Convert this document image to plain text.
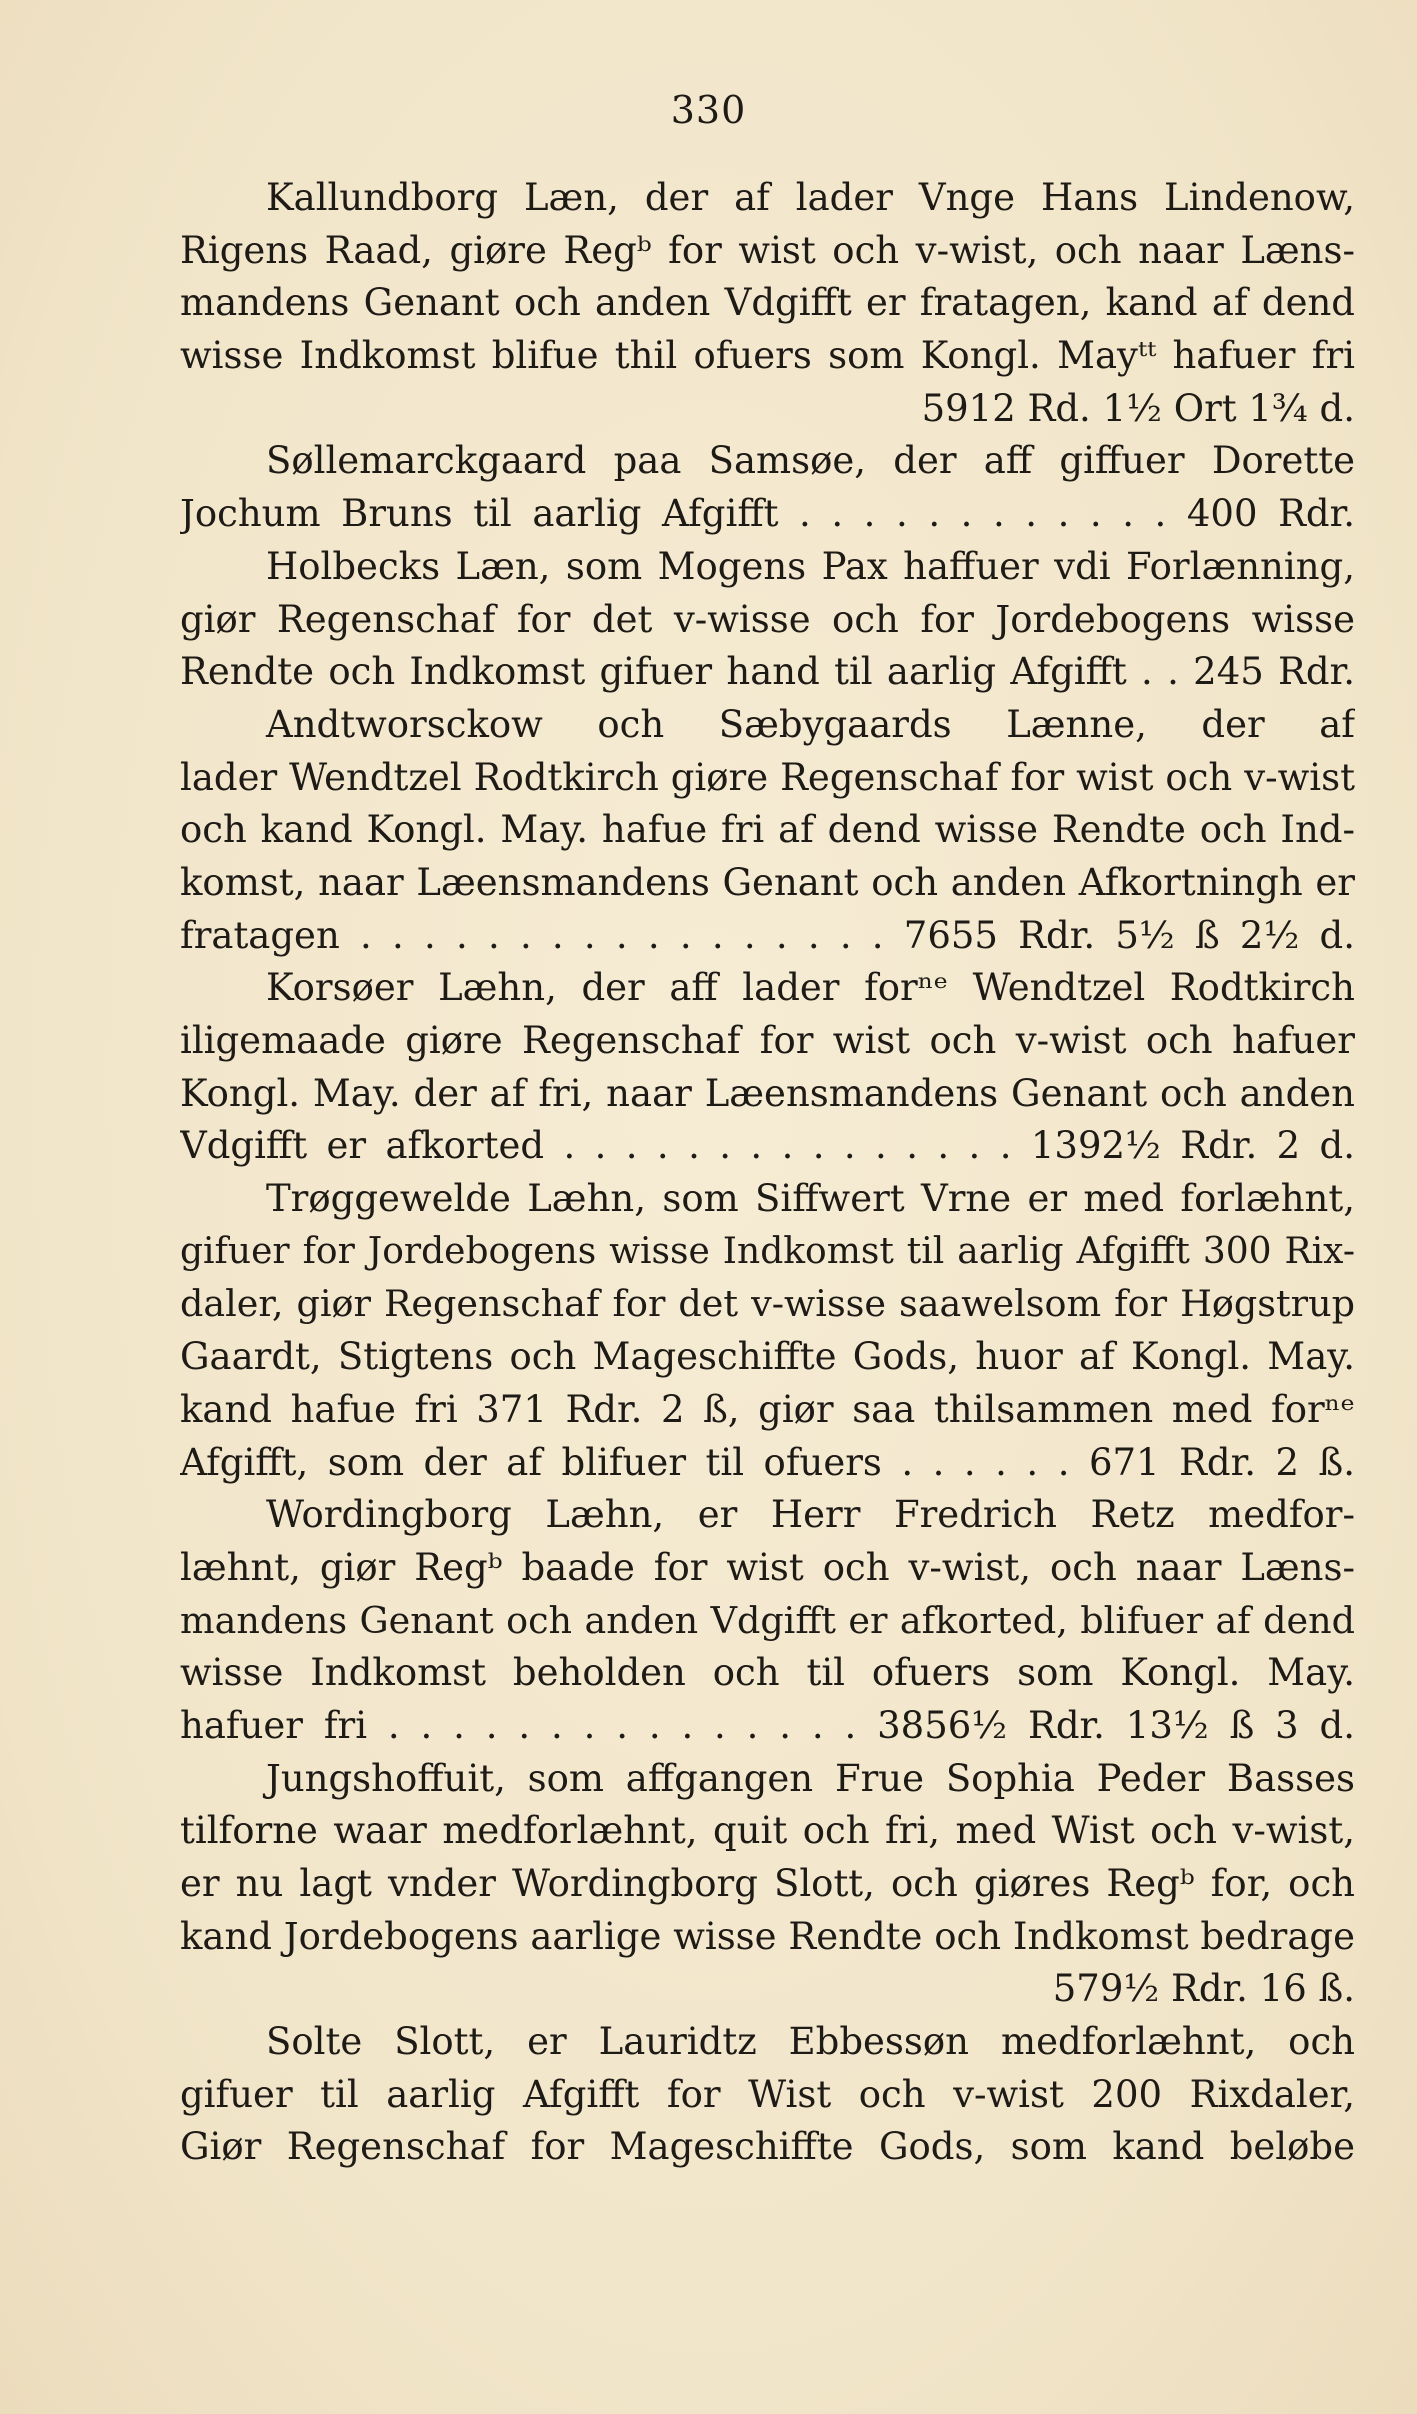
330
Kallundborg Læn, der af lader Vnge Hans Lindenow,
Rigens Raad, giøre Regᵇ for wist och v-wist, och naar Læns-
mandens Genant och anden Vdgifft er fratagen, kand af dend
wisse Indkomst blifue thil ofuers som Kongl. Mayᵗᵗ hafuer fri
5912 Rd. 1½ Ort 1¾ d.
Søllemarckgaard paa Samsøe, der aff giffuer Dorette
Jochum Bruns til aarlig Afgifft . . . . . . . . . . . . 400 Rdr.
Holbecks Læn, som Mogens Pax haffuer vdi Forlænning,
giør Regenschaf for det v-wisse och for Jordebogens wisse
Rendte och Indkomst gifuer hand til aarlig Afgifft . . 245 Rdr.
Andtworsckow och Sæbygaards Lænne, der af
lader Wendtzel Rodtkirch giøre Regenschaf for wist och v-wist
och kand Kongl. May. hafue fri af dend wisse Rendte och Ind-
komst, naar Læensmandens Genant och anden Afkortningh er
fratagen . . . . . . . . . . . . . . . . . 7655 Rdr. 5½ ß 2½ d.
Korsøer Læhn, der aff lader forⁿᵉ Wendtzel Rodtkirch
iligemaade giøre Regenschaf for wist och v-wist och hafuer
Kongl. May. der af fri, naar Læensmandens Genant och anden
Vdgifft er afkorted . . . . . . . . . . . . . . . 1392½ Rdr. 2 d.
Trøggewelde Læhn, som Siffwert Vrne er med forlæhnt,
gifuer for Jordebogens wisse Indkomst til aarlig Afgifft 300 Rix-
daler, giør Regenschaf for det v-wisse saawelsom for Høgstrup
Gaardt, Stigtens och Mageschiffte Gods, huor af Kongl. May.
kand hafue fri 371 Rdr. 2 ß, giør saa thilsammen med forⁿᵉ
Afgifft, som der af blifuer til ofuers . . . . . . 671 Rdr. 2 ß.
Wordingborg Læhn, er Herr Fredrich Retz medfor-
læhnt, giør Regᵇ baade for wist och v-wist, och naar Læns-
mandens Genant och anden Vdgifft er afkorted, blifuer af dend
wisse Indkomst beholden och til ofuers som Kongl. May.
hafuer fri . . . . . . . . . . . . . . . 3856½ Rdr. 13½ ß 3 d.
Jungshoffuit, som affgangen Frue Sophia Peder Basses
tilforne waar medforlæhnt, quit och fri, med Wist och v-wist,
er nu lagt vnder Wordingborg Slott, och giøres Regᵇ for, och
kand Jordebogens aarlige wisse Rendte och Indkomst bedrage
579½ Rdr. 16 ß.
Solte Slott, er Lauridtz Ebbessøn medforlæhnt, och
gifuer til aarlig Afgifft for Wist och v-wist 200 Rixdaler,
Giør Regenschaf for Mageschiffte Gods, som kand beløbe
